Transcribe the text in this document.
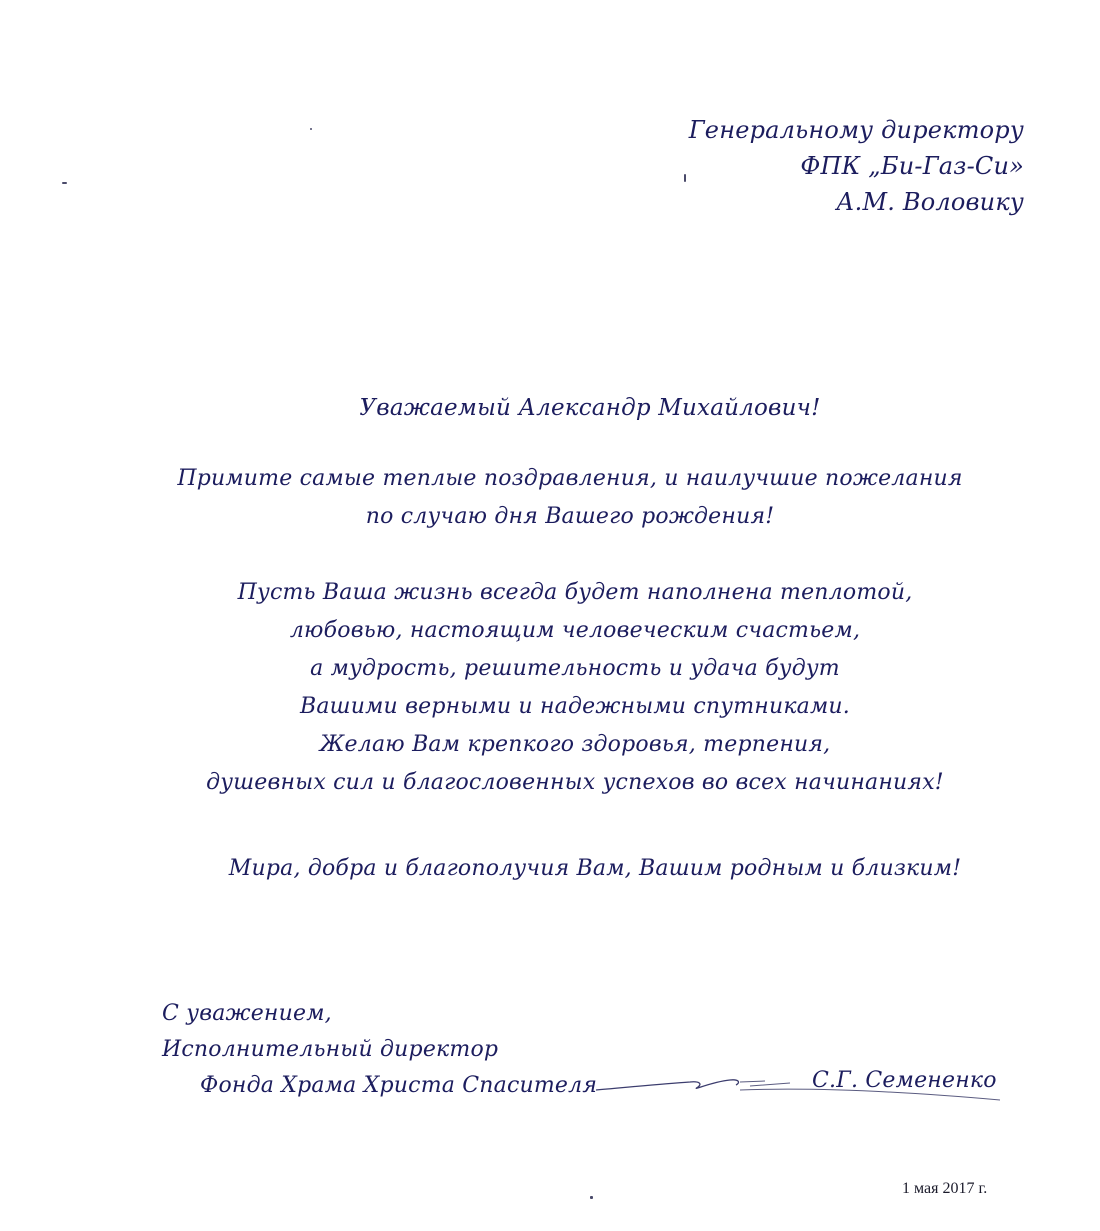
Генеральному директору
ФПК „Би-Газ-Си»
А.М. Воловику
Уважаемый Александр Михайлович!
Примите самые теплые поздравления, и наилучшие пожелания
по случаю дня Вашего рождения!
Пусть Ваша жизнь всегда будет наполнена теплотой,
любовью, настоящим человеческим счастьем,
а мудрость, решительность и удача будут
Вашими верными и надежными спутниками.
Желаю Вам крепкого здоровья, терпения,
душевных сил и благословенных успехов во всех начинаниях!
Мира, добра и благополучия Вам, Вашим родным и близким!
С уважением,
Исполнительный директор
Фонда Храма Христа Спасителя	С.Г. Семененко
1 мая 2017 г.
